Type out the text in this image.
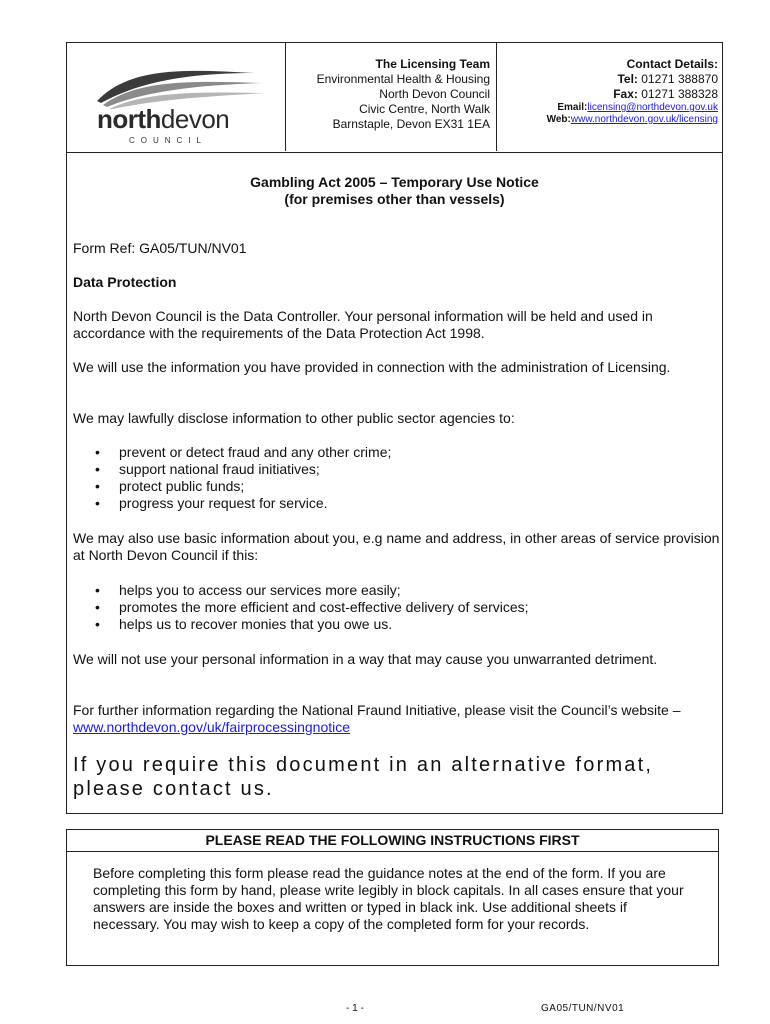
northdevon
COUNCIL
The Licensing Team
Environmental Health & Housing
North Devon Council
Civic Centre, North Walk
Barnstaple, Devon EX31 1EA
Contact Details:
Tel: 01271 388870
Fax: 01271 388328
Email:licensing@northdevon.gov.uk
Web:www.northdevon.gov.uk/licensing
Gambling Act 2005 – Temporary Use Notice
(for premises other than vessels)
Form Ref: GA05/TUN/NV01
Data Protection
North Devon Council is the Data Controller. Your personal information will be held and used in accordance with the requirements of the Data Protection Act 1998.
We will use the information you have provided in connection with the administration of Licensing.
We may lawfully disclose information to other public sector agencies to:
• prevent or detect fraud and any other crime;
• support national fraud initiatives;
• protect public funds;
• progress your request for service.
We may also use basic information about you, e.g name and address, in other areas of service provision at North Devon Council if this:
• helps you to access our services more easily;
• promotes the more efficient and cost-effective delivery of services;
• helps us to recover monies that you owe us.
We will not use your personal information in a way that may cause you unwarranted detriment.
For further information regarding the National Fraund Initiative, please visit the Council’s website – www.northdevon.gov/uk/fairprocessingnotice
If you require this document in an alternative format, please contact us.
PLEASE READ THE FOLLOWING INSTRUCTIONS FIRST
Before completing this form please read the guidance notes at the end of the form. If you are completing this form by hand, please write legibly in block capitals. In all cases ensure that your answers are inside the boxes and written or typed in black ink. Use additional sheets if necessary. You may wish to keep a copy of the completed form for your records.
- 1 -	GA05/TUN/NV01
